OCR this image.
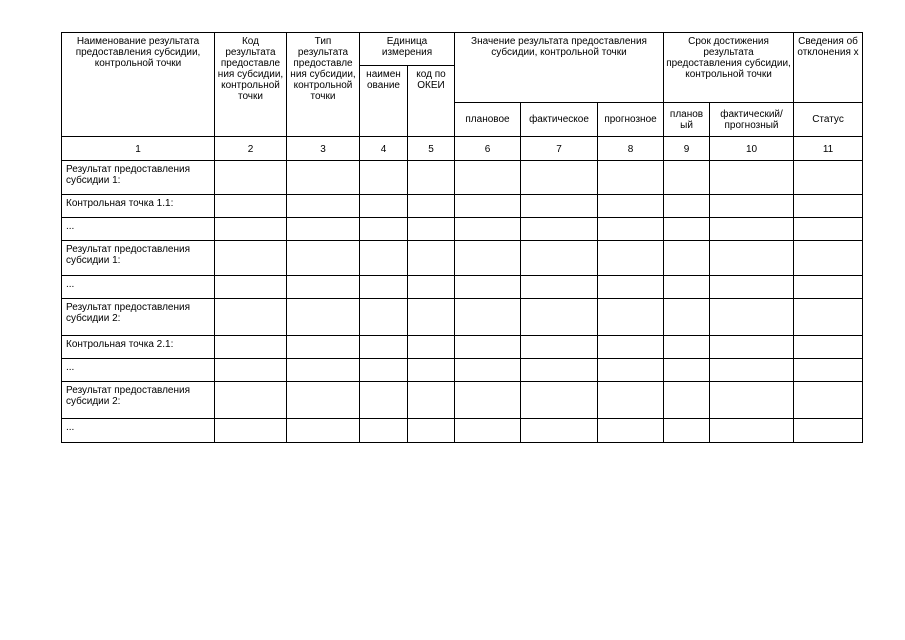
Наименование результата предоставления субсидии, контрольной точки	Код результата предоставле ния субсидии, контрольной точки	Тип результата предоставле ния субсидии, контрольной точки	Единица измерения		Значение результата предоставления субсидии, контрольной точки			Срок достижения результата предоставления субсидии, контрольной точки		Сведения об отклонения х
			наимен ование	код по ОКЕИ						
					плановое	фактическое	прогнозное	планов ый	фактический/ прогнозный	Статус
1	2	3	4	5	6	7	8	9	10	11
Результат предоставления субсидии 1:										
Контрольная точка 1.1:										
...										
Результат предоставления субсидии 1:										
...										
Результат предоставления субсидии 2:										
Контрольная точка 2.1:										
...										
Результат предоставления субсидии 2:										
...										
